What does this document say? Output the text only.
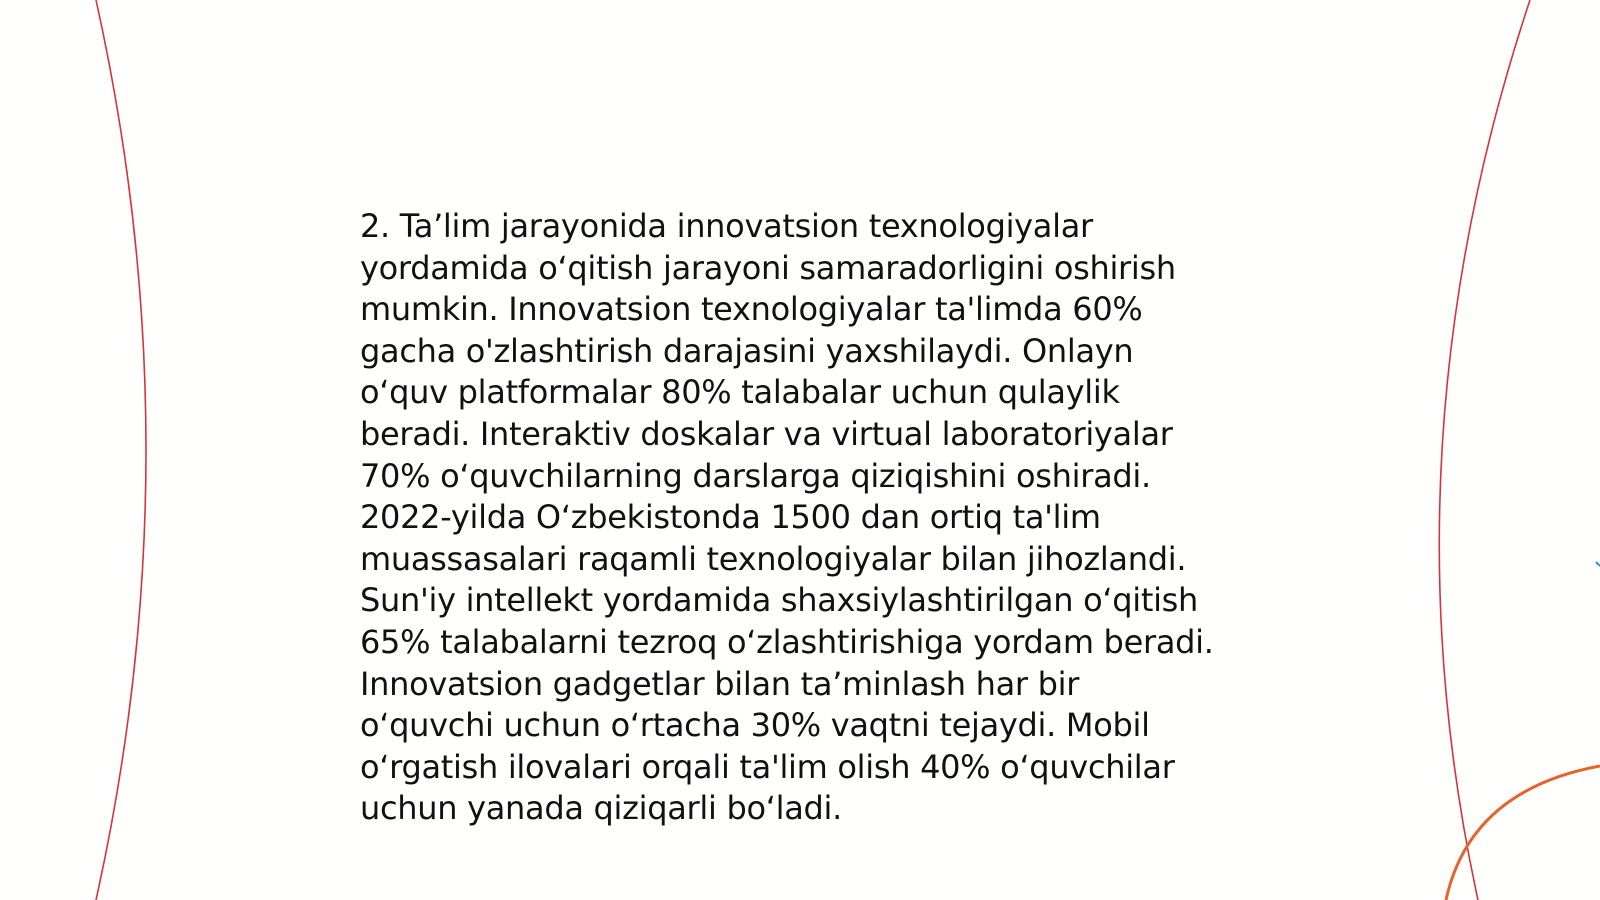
2. Ta’lim jarayonida innovatsion texnologiyalar
yordamida oʻqitish jarayoni samaradorligini oshirish
mumkin. Innovatsion texnologiyalar ta'limda 60%
gacha o'zlashtirish darajasini yaxshilaydi. Onlayn
oʻquv platformalar 80% talabalar uchun qulaylik
beradi. Interaktiv doskalar va virtual laboratoriyalar
70% oʻquvchilarning darslarga qiziqishini oshiradi.
2022-yilda Oʻzbekistonda 1500 dan ortiq ta'lim
muassasalari raqamli texnologiyalar bilan jihozlandi.
Sun'iy intellekt yordamida shaxsiylashtirilgan oʻqitish
65% talabalarni tezroq oʻzlashtirishiga yordam beradi.
Innovatsion gadgetlar bilan ta’minlash har bir
oʻquvchi uchun oʻrtacha 30% vaqtni tejaydi. Mobil
oʻrgatish ilovalari orqali ta'lim olish 40% oʻquvchilar
uchun yanada qiziqarli boʻladi.
